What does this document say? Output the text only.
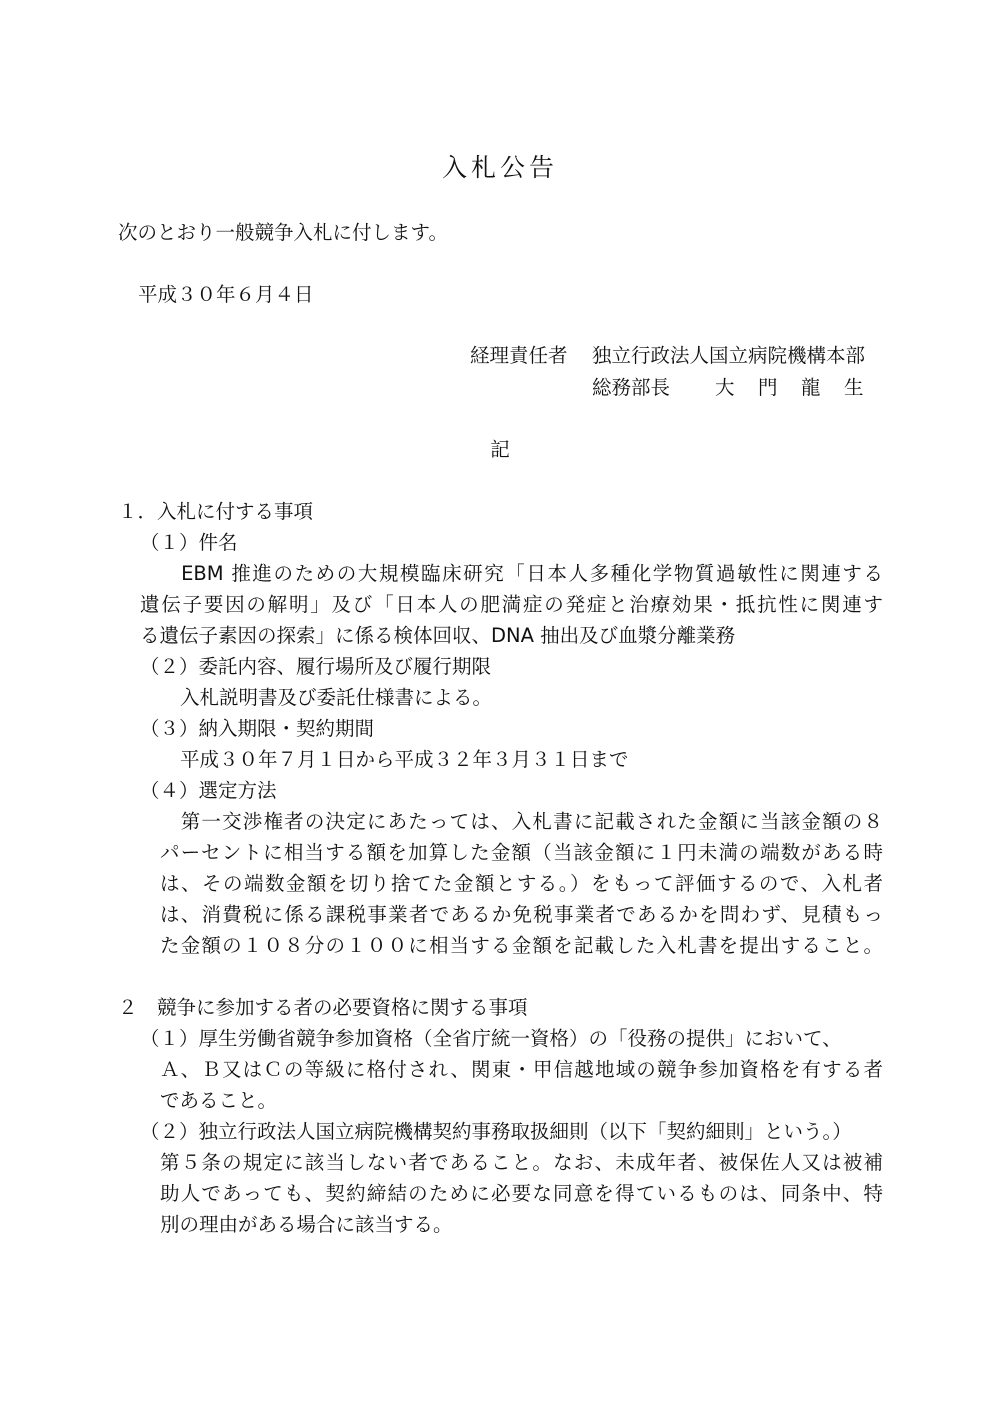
入札公告
次のとおり一般競争入札に付します。
平成３０年６月４日
経理責任者 独立行政法人国立病院機構本部
総務部長 大　門　龍　生
記
１．入札に付する事項
（１）件名
　EBM 推進のための大規模臨床研究「日本人多種化学物質過敏性に関連する
遺伝子要因の解明」及び「日本人の肥満症の発症と治療効果・抵抗性に関連す
る遺伝子素因の探索」に係る検体回収、DNA 抽出及び血漿分離業務
（２）委託内容、履行場所及び履行期限
入札説明書及び委託仕様書による。
（３）納入期限・契約期間
平成３０年７月１日から平成３２年３月３１日まで
（４）選定方法
　第一交渉権者の決定にあたっては、入札書に記載された金額に当該金額の８
パーセントに相当する額を加算した金額（当該金額に１円未満の端数がある時
は、その端数金額を切り捨てた金額とする。）をもって評価するので、入札者
は、消費税に係る課税事業者であるか免税事業者であるかを問わず、見積もっ
た金額の１０８分の１００に相当する金額を記載した入札書を提出すること。
２　競争に参加する者の必要資格に関する事項
（１）厚生労働省競争参加資格（全省庁統一資格）の「役務の提供」において、
Ａ、Ｂ又はＣの等級に格付され、関東・甲信越地域の競争参加資格を有する者
であること。
（２）独立行政法人国立病院機構契約事務取扱細則（以下「契約細則」という。）
第５条の規定に該当しない者であること。なお、未成年者、被保佐人又は被補
助人であっても、契約締結のために必要な同意を得ているものは、同条中、特
別の理由がある場合に該当する。
